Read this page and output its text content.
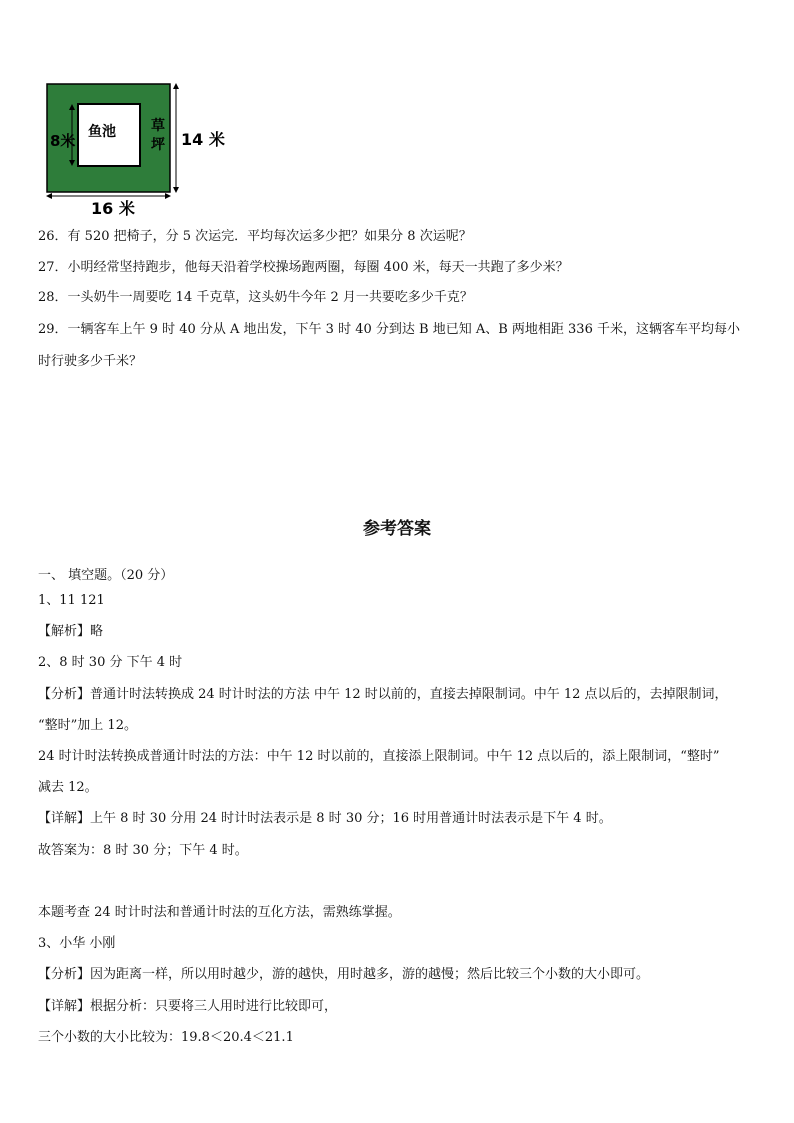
鱼池	草
坪
8米	14 米
16 米
26．有 520 把椅子，分 5 次运完．平均每次运多少把？如果分 8 次运呢？
27．小明经常坚持跑步，他每天沿着学校操场跑两圈，每圈 400 米，每天一共跑了多少米？
28．一头奶牛一周要吃 14 千克草，这头奶牛今年 2 月一共要吃多少千克？
29．一辆客车上午 9 时 40 分从 A 地出发，下午 3 时 40 分到达 B 地已知 A、B 两地相距 336 千米，这辆客车平均每小
时行驶多少千米？
参考答案
一、 填空题。（20 分）
1、11 121
【解析】略
2、8 时 30 分 下午 4 时
【分析】普通计时法转换成 24 时计时法的方法 中午 12 时以前的，直接去掉限制词。中午 12 点以后的，去掉限制词，
“整时”加上 12。
24 时计时法转换成普通计时法的方法：中午 12 时以前的，直接添上限制词。中午 12 点以后的，添上限制词，“整时”
减去 12。
【详解】上午 8 时 30 分用 24 时计时法表示是 8 时 30 分；16 时用普通计时法表示是下午 4 时。
故答案为：8 时 30 分；下午 4 时。
本题考查 24 时计时法和普通计时法的互化方法，需熟练掌握。
3、小华 小刚
【分析】因为距离一样，所以用时越少，游的越快，用时越多，游的越慢；然后比较三个小数的大小即可。
【详解】根据分析：只要将三人用时进行比较即可，
三个小数的大小比较为：19.8＜20.4＜21.1
